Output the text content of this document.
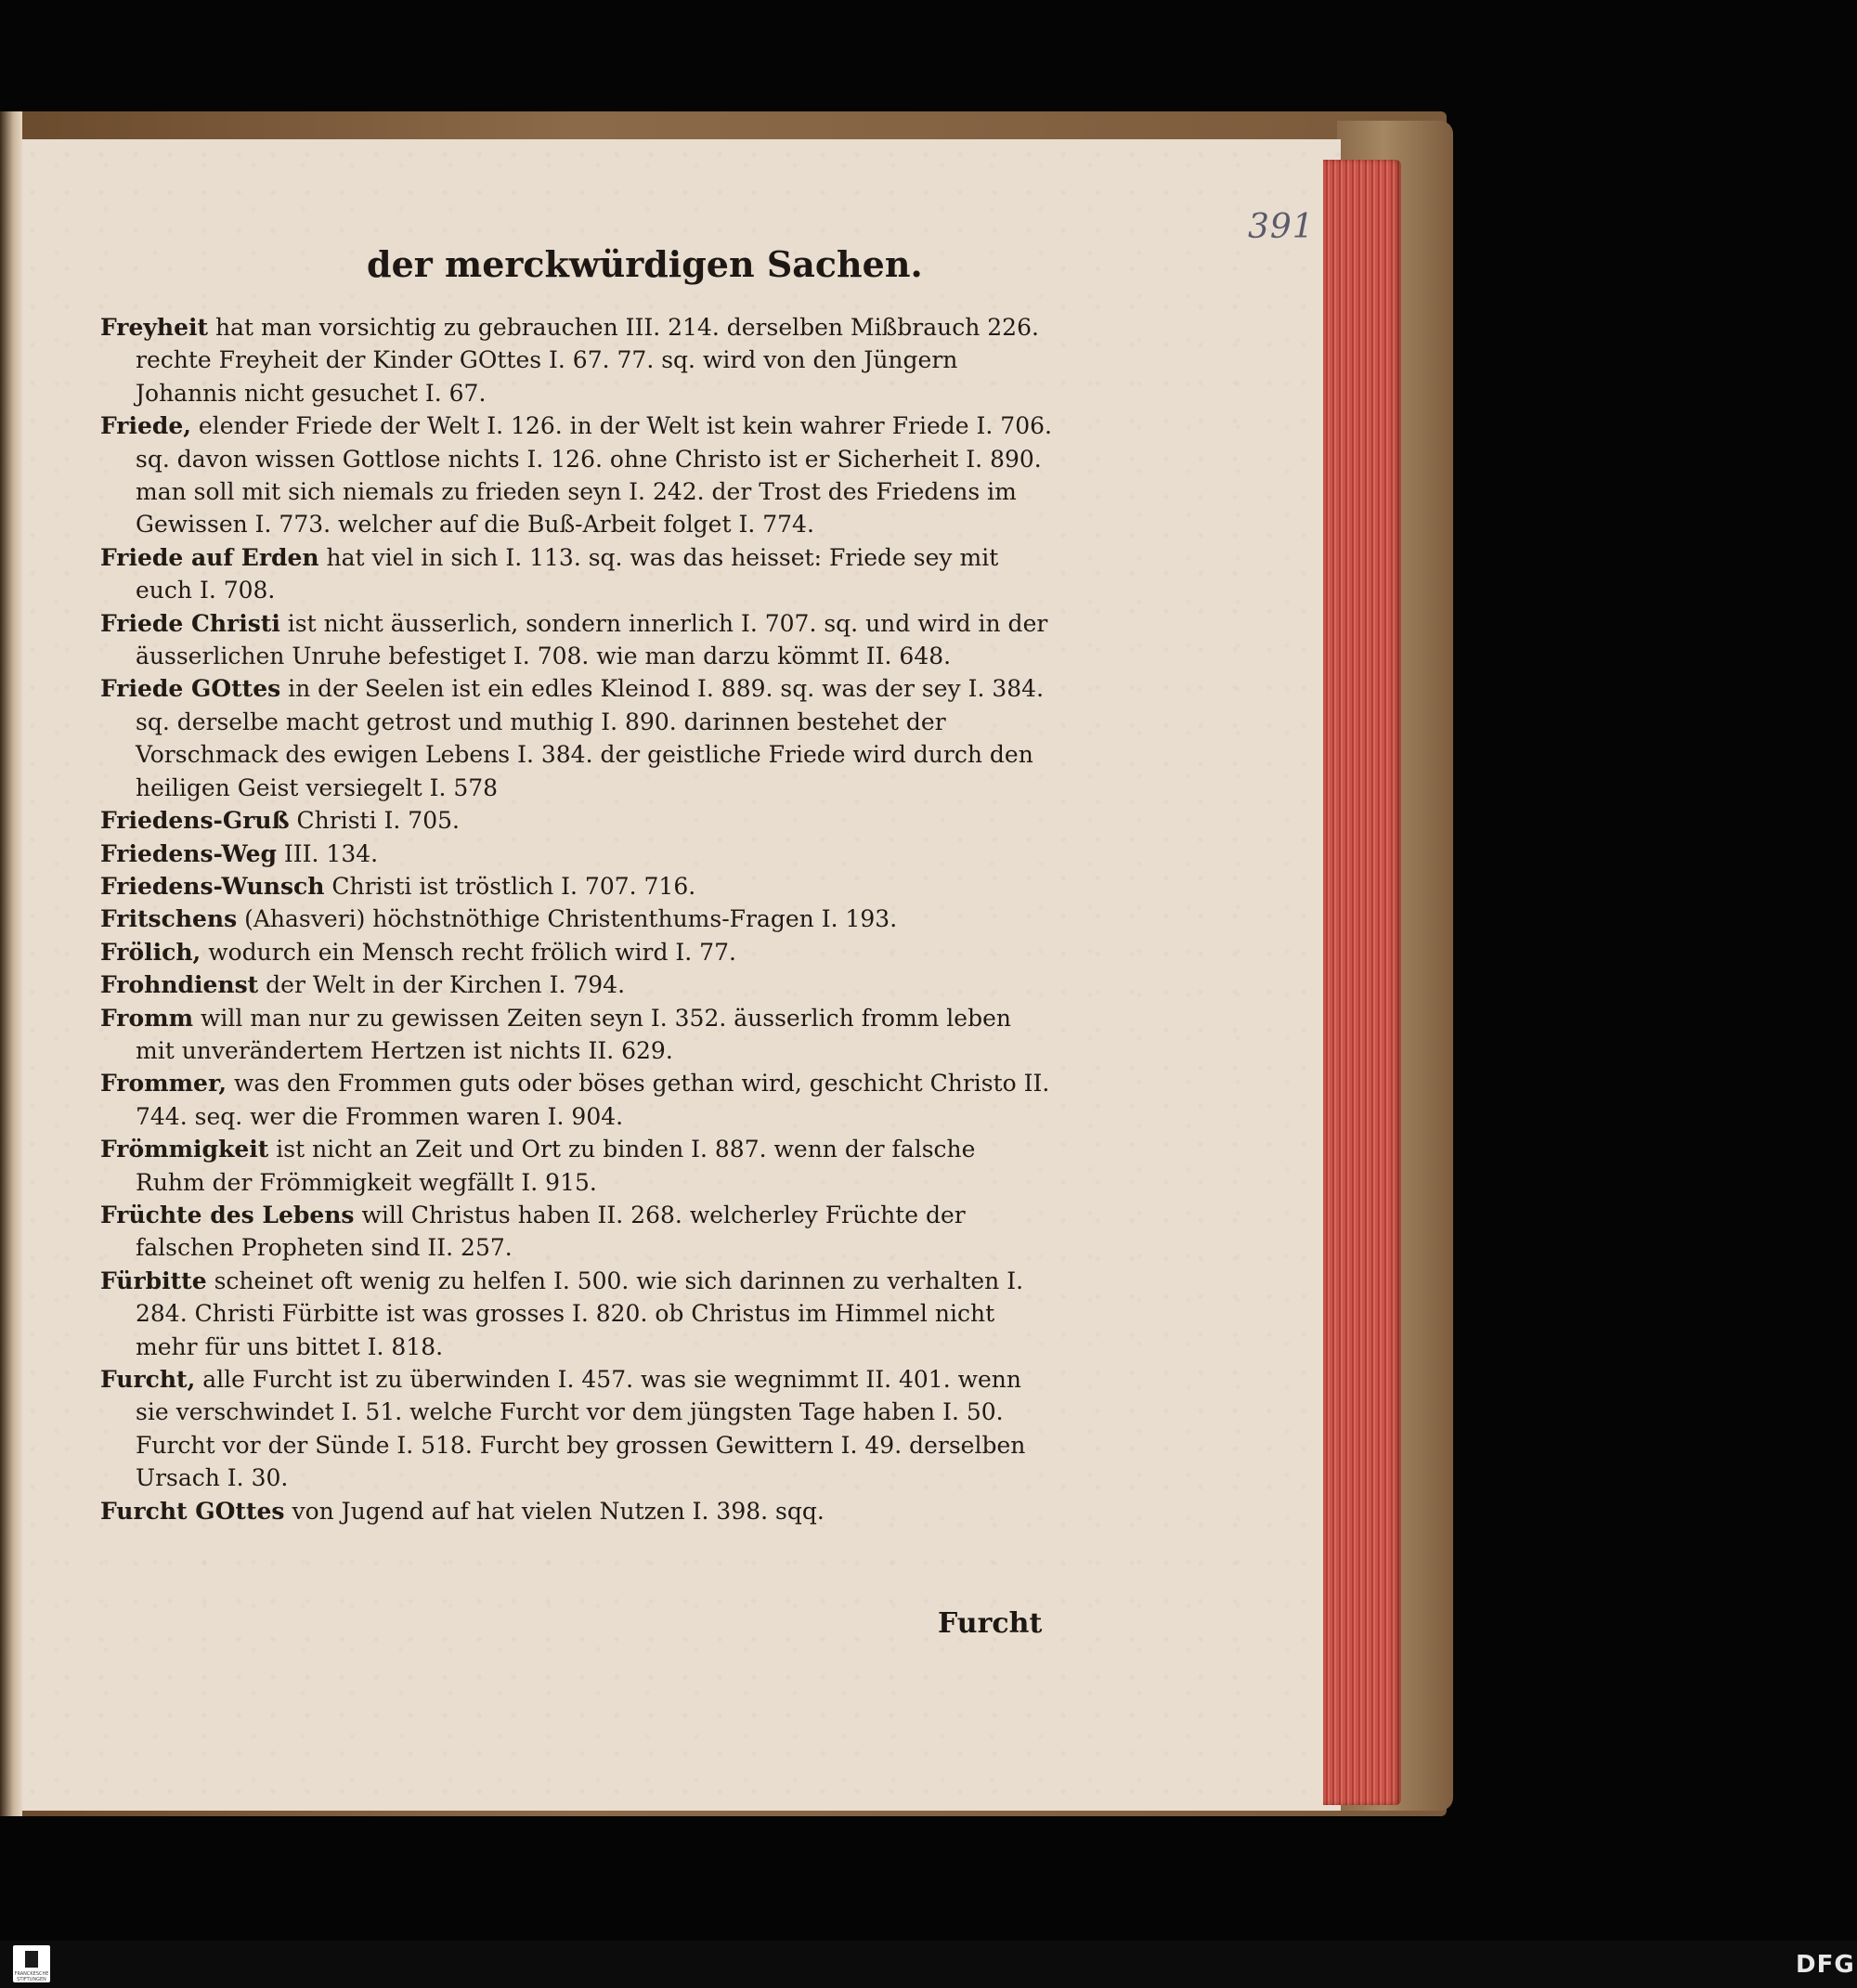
391
der merckwürdigen Sachen.

Freyheit hat man vorsichtig zu gebrauchen III. 214. derselben Mißbrauch 226. rechte Freyheit der Kinder GOttes I. 67. 77. sq. wird von den Jüngern Johannis nicht gesuchet I. 67.

Friede, elender Friede der Welt I. 126. in der Welt ist kein wahrer Friede I. 706. sq. davon wissen Gottlose nichts I. 126. ohne Christo ist er Sicherheit I. 890. man soll mit sich niemals zu frieden seyn I. 242. der Trost des Friedens im Gewissen I. 773. welcher auf die Buß-Arbeit folget I. 774.

Friede auf Erden hat viel in sich I. 113. sq. was das heisset: Friede sey mit euch I. 708.

Friede Christi ist nicht äusserlich, sondern innerlich I. 707. sq. und wird in der äusserlichen Unruhe befestiget I. 708. wie man darzu kömmt II. 648.

Friede GOttes in der Seelen ist ein edles Kleinod I. 889. sq. was der sey I. 384. sq. derselbe macht getrost und muthig I. 890. darinnen bestehet der Vorschmack des ewigen Lebens I. 384. der geistliche Friede wird durch den heiligen Geist versiegelt I. 578

Friedens-Gruß Christi I. 705.

Friedens-Weg III. 134.

Friedens-Wunsch Christi ist tröstlich I. 707. 716.

Fritschens (Ahasveri) höchstnöthige Christenthums-Fragen I. 193.

Frölich, wodurch ein Mensch recht frölich wird I. 77.

Frohndienst der Welt in der Kirchen I. 794.

Fromm will man nur zu gewissen Zeiten seyn I. 352. äusserlich fromm leben mit unverändertem Hertzen ist nichts II. 629.

Frommer, was den Frommen guts oder böses gethan wird, geschicht Christo II. 744. seq. wer die Frommen waren I. 904.

Frömmigkeit ist nicht an Zeit und Ort zu binden I. 887. wenn der falsche Ruhm der Frömmigkeit wegfällt I. 915.

Früchte des Lebens will Christus haben II. 268. welcherley Früchte der falschen Propheten sind II. 257.

Fürbitte scheinet oft wenig zu helfen I. 500. wie sich darinnen zu verhalten I. 284. Christi Fürbitte ist was grosses I. 820. ob Christus im Himmel nicht mehr für uns bittet I. 818.

Furcht, alle Furcht ist zu überwinden I. 457. was sie wegnimmt II. 401. wenn sie verschwindet I. 51. welche Furcht vor dem jüngsten Tage haben I. 50. Furcht vor der Sünde I. 518. Furcht bey grossen Gewittern I. 49. derselben Ursach I. 30.

Furcht GOttes von Jugend auf hat vielen Nutzen I. 398. sqq.

Furcht
FRANCKESCHE STIFTUNGEN
DFG
